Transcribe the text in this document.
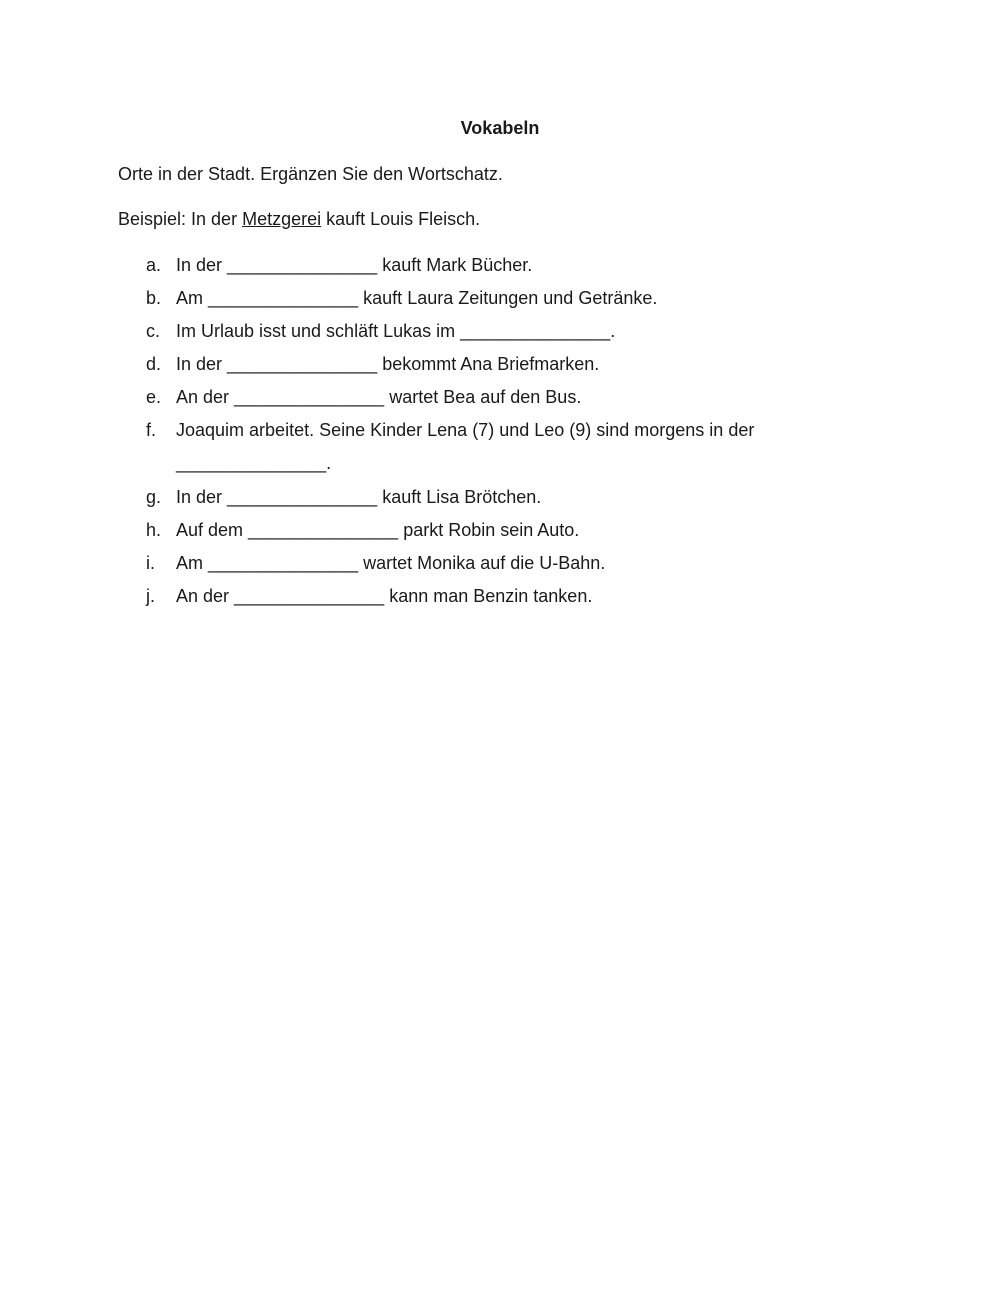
Vokabeln
Orte in der Stadt. Ergänzen Sie den Wortschatz.
Beispiel: In der Metzgerei kauft Louis Fleisch.
a. In der _______________ kauft Mark Bücher.
b. Am _______________ kauft Laura Zeitungen und Getränke.
c. Im Urlaub isst und schläft Lukas im _______________.
d. In der _______________ bekommt Ana Briefmarken.
e. An der _______________ wartet Bea auf den Bus.
f. Joaquim arbeitet. Seine Kinder Lena (7) und Leo (9) sind morgens in der _______________.
g. In der _______________ kauft Lisa Brötchen.
h. Auf dem _______________ parkt Robin sein Auto.
i. Am _______________ wartet Monika auf die U-Bahn.
j. An der _______________ kann man Benzin tanken.
